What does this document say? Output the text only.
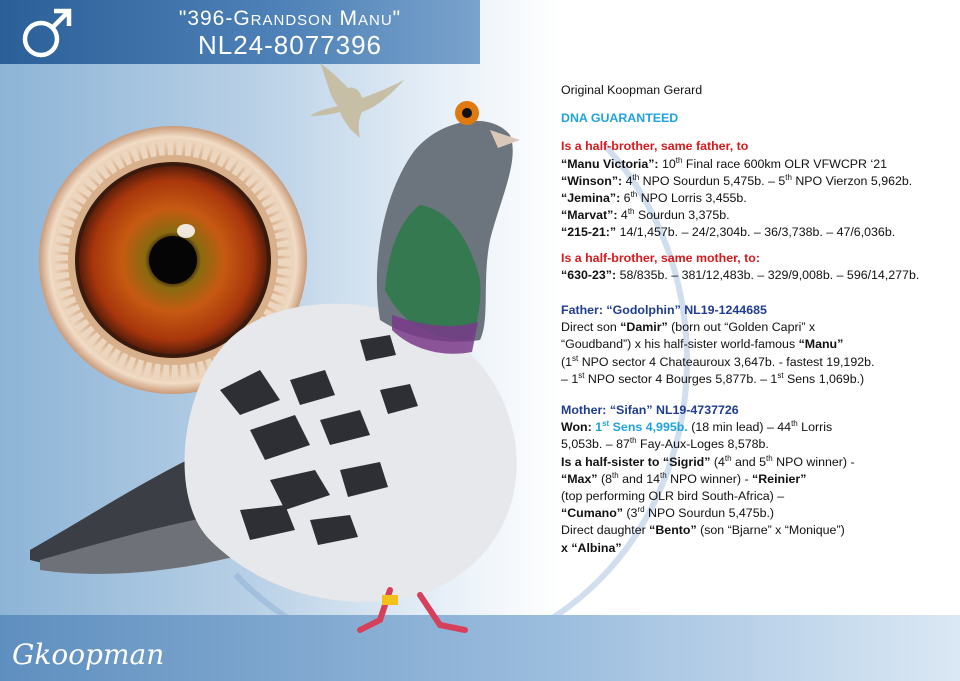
"396-Grandson Manu"
NL24-8077396
Gkoopman
Original Koopman Gerard
DNA GUARANTEED
Is a half-brother, same father, to
“Manu Victoria”: 10th Final race 600km OLR VFWCPR ‘21
“Winson”: 4th NPO Sourdun 5,475b. – 5th NPO Vierzon 5,962b.
“Jemina”: 6th NPO Lorris 3,455b.
“Marvat”: 4th Sourdun 3,375b.
“215-21:” 14/1,457b. – 24/2,304b. – 36/3,738b. – 47/6,036b.
Is a half-brother, same mother, to:
“630-23”: 58/835b. – 381/12,483b. – 329/9,008b. – 596/14,277b.
Father: “Godolphin” NL19-1244685
Direct son “Damir” (born out “Golden Capri” x
“Goudband”) x his half-sister world-famous “Manu”
(1st NPO sector 4 Chateauroux 3,647b. - fastest 19,192b.
– 1st NPO sector 4 Bourges 5,877b. – 1st Sens 1,069b.)
Mother: “Sifan” NL19-4737726
Won: 1st Sens 4,995b. (18 min lead) – 44th Lorris
5,053b. – 87th Fay-Aux-Loges 8,578b.
Is a half-sister to “Sigrid” (4th and 5th NPO winner) -
“Max” (8th and 14th NPO winner) - “Reinier”
(top performing OLR bird South-Africa) –
“Cumano” (3rd NPO Sourdun 5,475b.)
Direct daughter “Bento” (son “Bjarne” x “Monique”)
x “Albina”
